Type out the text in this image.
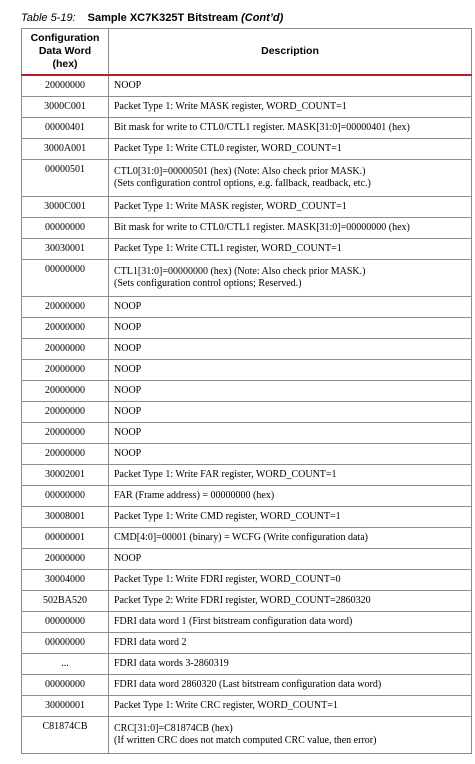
Table 5-19: Sample XC7K325T Bitstream (Cont’d)
Configuration
Data Word
(hex)	Description
20000000	NOOP

3000C001	Packet Type 1: Write MASK register, WORD_COUNT=1

00000401	Bit mask for write to CTL0/CTL1 register. MASK[31:0]=00000401 (hex)

3000A001	Packet Type 1: Write CTL0 register, WORD_COUNT=1

00000501	CTL0[31:0]=00000501 (hex) (Note: Also check prior MASK.)
(Sets configuration control options, e.g. fallback, readback, etc.)

3000C001	Packet Type 1: Write MASK register, WORD_COUNT=1

00000000	Bit mask for write to CTL0/CTL1 register. MASK[31:0]=00000000 (hex)

30030001	Packet Type 1: Write CTL1 register, WORD_COUNT=1

00000000	CTL1[31:0]=00000000 (hex) (Note: Also check prior MASK.)
(Sets configuration control options; Reserved.)

20000000	NOOP

20000000	NOOP

20000000	NOOP

20000000	NOOP

20000000	NOOP

20000000	NOOP

20000000	NOOP

20000000	NOOP

30002001	Packet Type 1: Write FAR register, WORD_COUNT=1

00000000	FAR (Frame address) = 00000000 (hex)

30008001	Packet Type 1: Write CMD register, WORD_COUNT=1

00000001	CMD[4:0]=00001 (binary) = WCFG (Write configuration data)

20000000	NOOP

30004000	Packet Type 1: Write FDRI register, WORD_COUNT=0

502BA520	Packet Type 2: Write FDRI register, WORD_COUNT=2860320

00000000	FDRI data word 1 (First bitstream configuration data word)

00000000	FDRI data word 2

...	FDRI data words 3-2860319

00000000	FDRI data word 2860320 (Last bitstream configuration data word)

30000001	Packet Type 1: Write CRC register, WORD_COUNT=1

C81874CB	CRC[31:0]=C81874CB (hex)
(If written CRC does not match computed CRC value, then error)
